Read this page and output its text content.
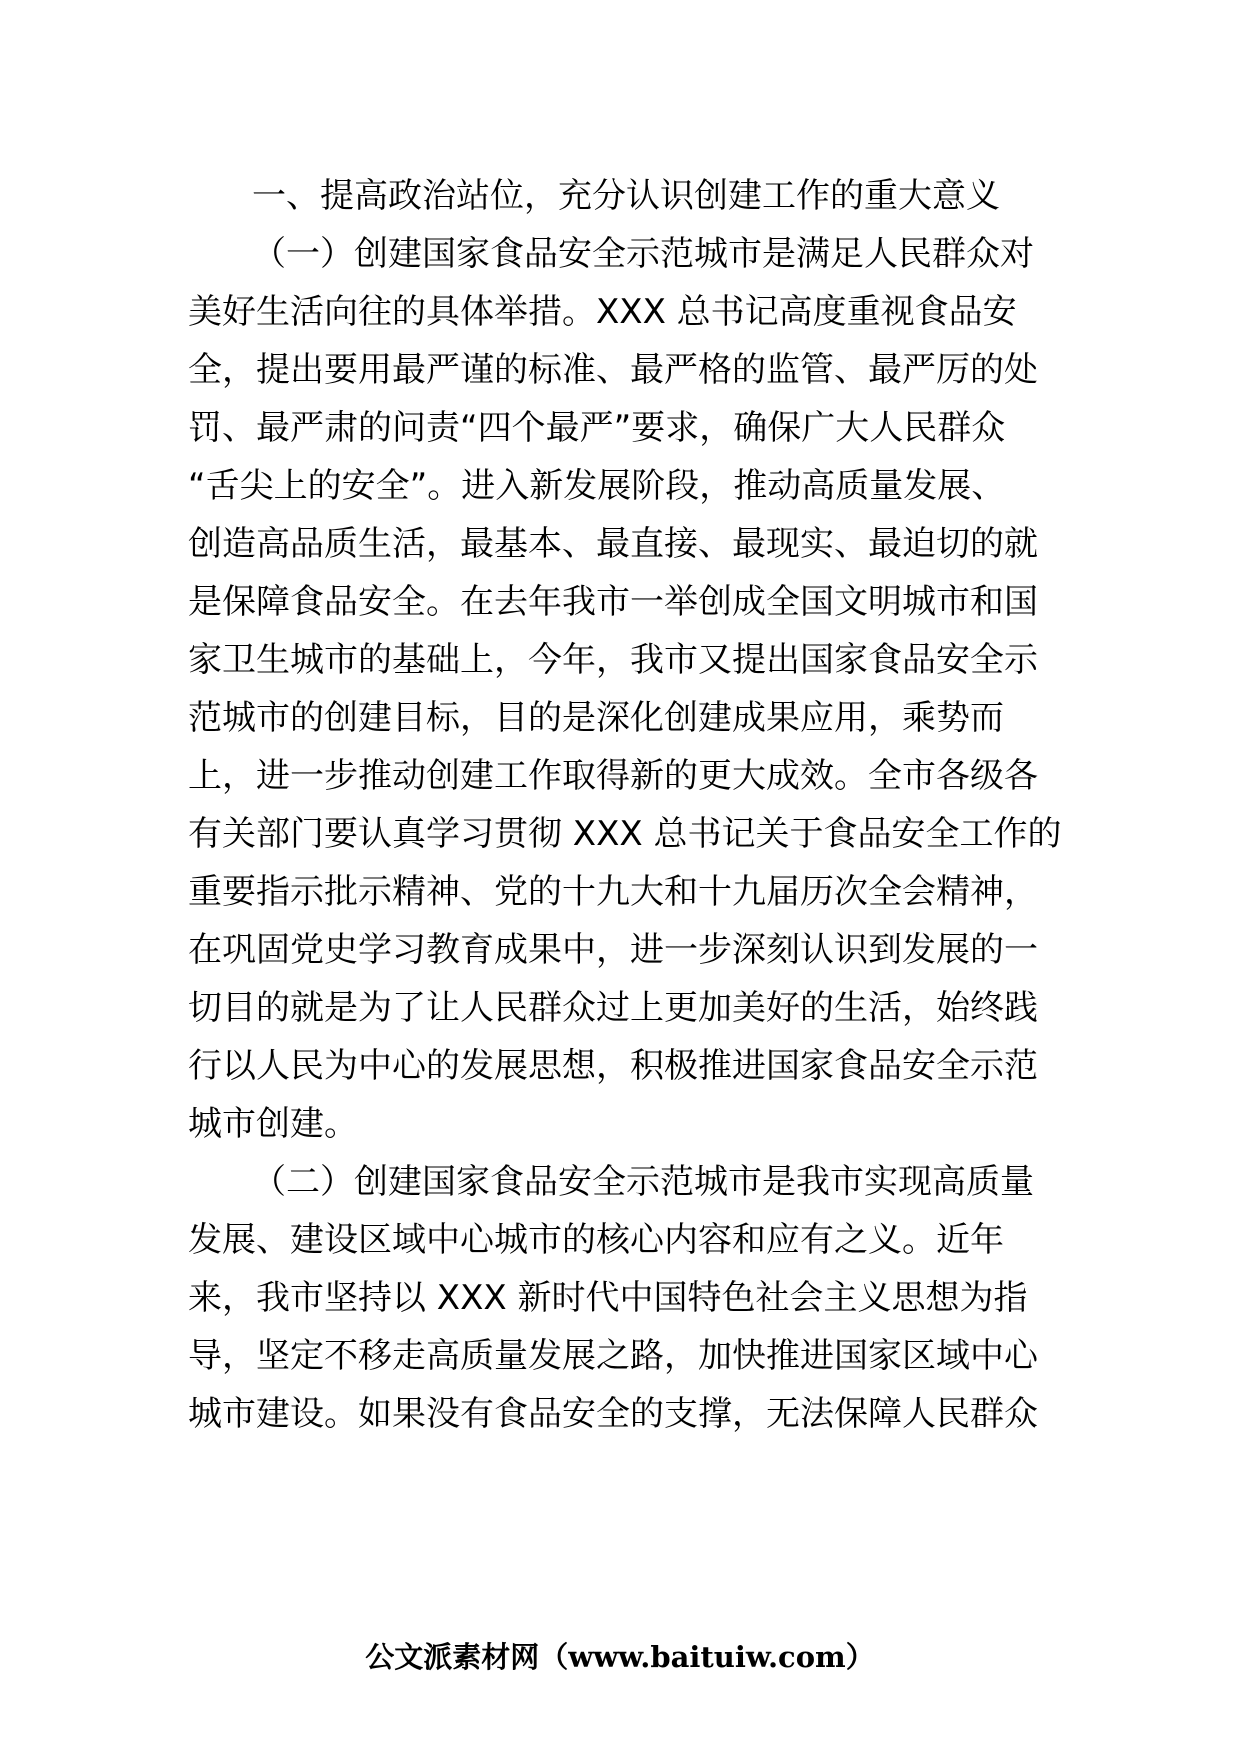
一、提高政治站位，充分认识创建工作的重大意义

（一）创建国家食品安全示范城市是满足人民群众对

美好生活向往的具体举措。XXX 总书记高度重视食品安

全，提出要用最严谨的标准、最严格的监管、最严厉的处

罚、最严肃的问责“四个最严”要求，确保广大人民群众

“舌尖上的安全”。进入新发展阶段，推动高质量发展、

创造高品质生活，最基本、最直接、最现实、最迫切的就

是保障食品安全。在去年我市一举创成全国文明城市和国

家卫生城市的基础上，今年，我市又提出国家食品安全示

范城市的创建目标，目的是深化创建成果应用，乘势而

上，进一步推动创建工作取得新的更大成效。全市各级各

有关部门要认真学习贯彻 XXX 总书记关于食品安全工作的

重要指示批示精神、党的十九大和十九届历次全会精神，

在巩固党史学习教育成果中，进一步深刻认识到发展的一

切目的就是为了让人民群众过上更加美好的生活，始终践

行以人民为中心的发展思想，积极推进国家食品安全示范

城市创建。

（二）创建国家食品安全示范城市是我市实现高质量

发展、建设区域中心城市的核心内容和应有之义。近年

来，我市坚持以 XXX 新时代中国特色社会主义思想为指

导，坚定不移走高质量发展之路，加快推进国家区域中心

城市建设。如果没有食品安全的支撑，无法保障人民群众

公文派素材网（www.baituiw.com）
